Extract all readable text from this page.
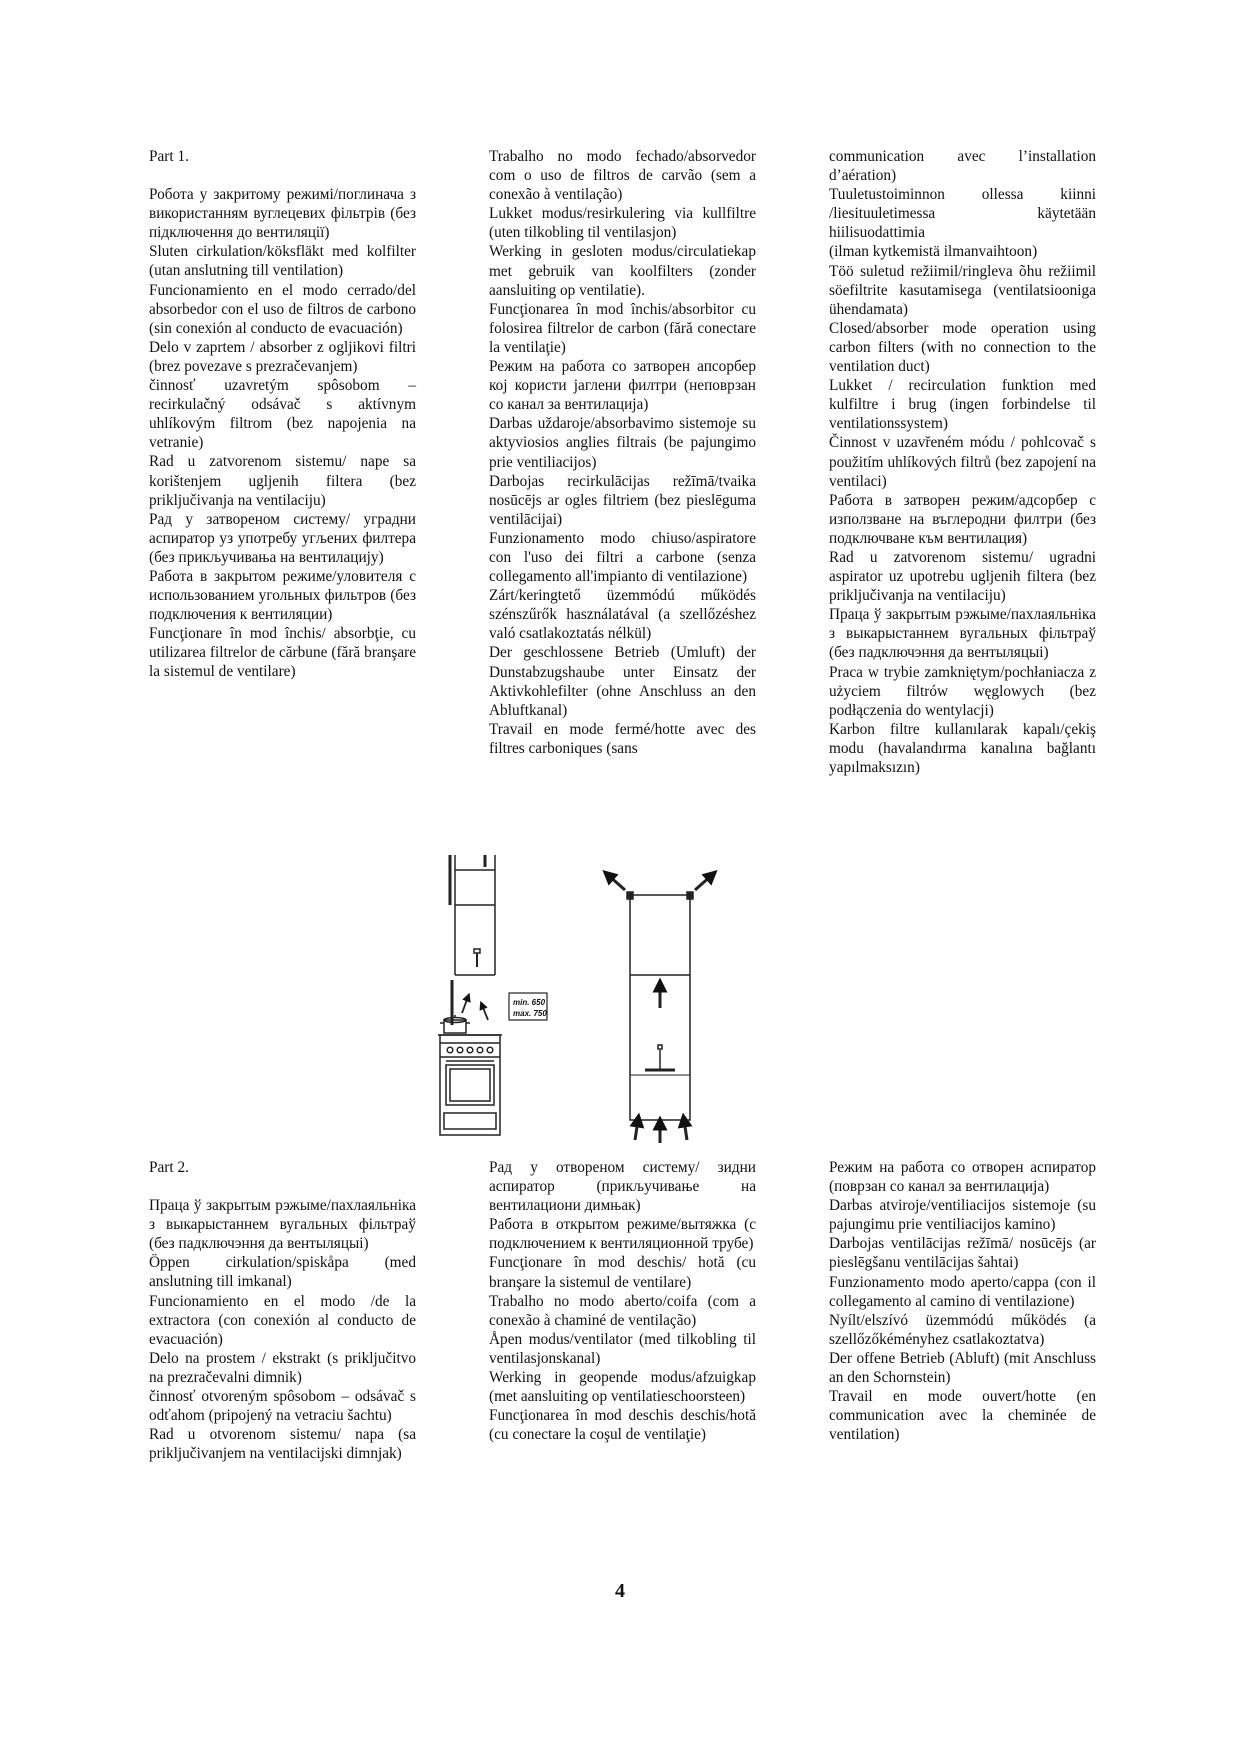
Part 1.

Робота у закритому режимі/поглинача з використанням вуглецевих фільтрів (без підключення до вентиляції)

Sluten cirkulation/köksfläkt med kolfilter (utan anslutning till ventilation)

Funcionamiento en el modo cerrado/del absorbedor con el uso de filtros de carbono (sin conexión al conducto de evacuación)

Delo v zaprtem / absorber z ogljikovi filtri (brez povezave s prezračevanjem)

činnosť uzavretým spôsobom – recirkulačný odsávač s aktívnym uhlíkovým filtrom (bez napojenia na vetranie)

Rad u zatvorenom sistemu/ nape sa korištenjem ugljenih filtera (bez priključivanja na ventilaciju)

Рад у затвореном систему/ уградни аспиратор уз употребу угљених филтера (без прикључивања на вентилацију)

Работа в закрытом режиме/уловителя с использованием угольных фильтров (без подключения к вентиляции)

Funcţionare în mod închis/ absorbţie, cu utilizarea filtrelor de cărbune (fără branşare la sistemul de ventilare)

Trabalho no modo fechado/absorvedor com o uso de filtros de carvão (sem a conexão à ventilação)

Lukket modus/resirkulering via kullfiltre (uten tilkobling til ventilasjon)

Werking in gesloten modus/circulatiekap met gebruik van koolfilters (zonder aansluiting op ventilatie).

Funcţionarea în mod închis/absorbitor cu folosirea filtrelor de carbon (fără conectare la ventilaţie)

Режим на работа со затворен апсорбер кој користи јаглени филтри (неповрзан со канал за вентилација)

Darbas uždaroje/absorbavimo sistemoje su aktyviosios anglies filtrais (be pajungimo prie ventiliacijos)

Darbojas recirkulācijas režīmā/tvaika nosūcējs ar ogles filtriem (bez pieslēguma ventilācijai)

Funzionamento modo chiuso/aspiratore con l'uso dei filtri a carbone (senza collegamento all'impianto di ventilazione)

Zárt/keringtető üzemmódú működés szénszűrők használatával (a szellőzéshez való csatlakoztatás nélkül)

Der geschlossene Betrieb (Umluft) der Dunstabzugshaube unter Einsatz der Aktivkohlefilter (ohne Anschluss an den Abluftkanal)

Travail en mode fermé/hotte avec des filtres carboniques (sans

communication avec l’installation d’aération)

Tuuletustoiminnon ollessa kiinni /liesituuletimessa käytetään hiilisuodattimia

(ilman kytkemistä ilmanvaihtoon)

Töö suletud režiimil/ringleva õhu režiimil söefiltrite kasutamisega (ventilatsiooniga ühendamata)

Closed/absorber mode operation using carbon filters (with no connection to the ventilation duct)

Lukket / recirculation funktion med kulfiltre i brug (ingen forbindelse til ventilationssystem)

Činnost v uzavřeném módu / pohlcovač s použitím uhlíkových filtrů (bez zapojení na ventilaci)

Работа в затворен режим/адсорбер с използване на въглеродни филтри (без подключване към вентилация)

Rad u zatvorenom sistemu/ ugradni aspirator uz upotrebu ugljenih filtera (bez priključivanja na ventilaciju)

Праца ў закрытым рэжыме/пахлаяльніка з выкарыстаннем вугальных фільтраў (без падключэння да вентыляцыі)

Praca w trybie zamkniętym/pochłaniacza z użyciem filtrów węglowych (bez podłączenia do wentylacji)

Karbon filtre kullanılarak kapalı/çekiş modu (havalandırma kanalına bağlantı yapılmaksızın)

min. 650
max. 750

Part 2.

Праца ў закрытым рэжыме/пахлаяльніка з выкарыстаннем вугальных фільтраў (без падключэння да вентыляцыі)

Öppen cirkulation/spiskåpa (med anslutning till imkanal)

Funcionamiento en el modo /de la extractora (con conexión al conducto de evacuación)

Delo na prostem / ekstrakt (s priključitvo na prezračevalni dimnik)

činnosť otvoreným spôsobom – odsávač s odťahom (pripojený na vetraciu šachtu)

Rad u otvorenom sistemu/ napa (sa priključivanjem na ventilacijski dimnjak)

Рад у отвореном систему/ зидни аспиратор (прикључивање на вентилациони димњак)

Работа в открытом режиме/вытяжка (с подключением к вентиляционной трубе)

Funcţionare în mod deschis/ hotă (cu branşare la sistemul de ventilare)

Trabalho no modo aberto/coifa (com a conexão à chaminé de ventilação)

Åpen modus/ventilator (med tilkobling til ventilasjonskanal)

Werking in geopende modus/afzuigkap (met aansluiting op ventilatieschoorsteen)

Funcţionarea în mod deschis deschis/hotă (cu conectare la coşul de ventilaţie)

Режим на работа со отворен аспиратор (поврзан со канал за вентилација)

Darbas atviroje/ventiliacijos sistemoje (su pajungimu prie ventiliacijos kamino)

Darbojas ventilācijas režīmā/ nosūcējs (ar pieslēgšanu ventilācijas šahtai)

Funzionamento modo aperto/cappa (con il collegamento al camino di ventilazione)

Nyílt/elszívó üzemmódú működés (a szellőzőkéményhez csatlakoztatva)

Der offene Betrieb (Abluft) (mit Anschluss an den Schornstein)

Travail en mode ouvert/hotte (en communication avec la cheminée de ventilation)

4
